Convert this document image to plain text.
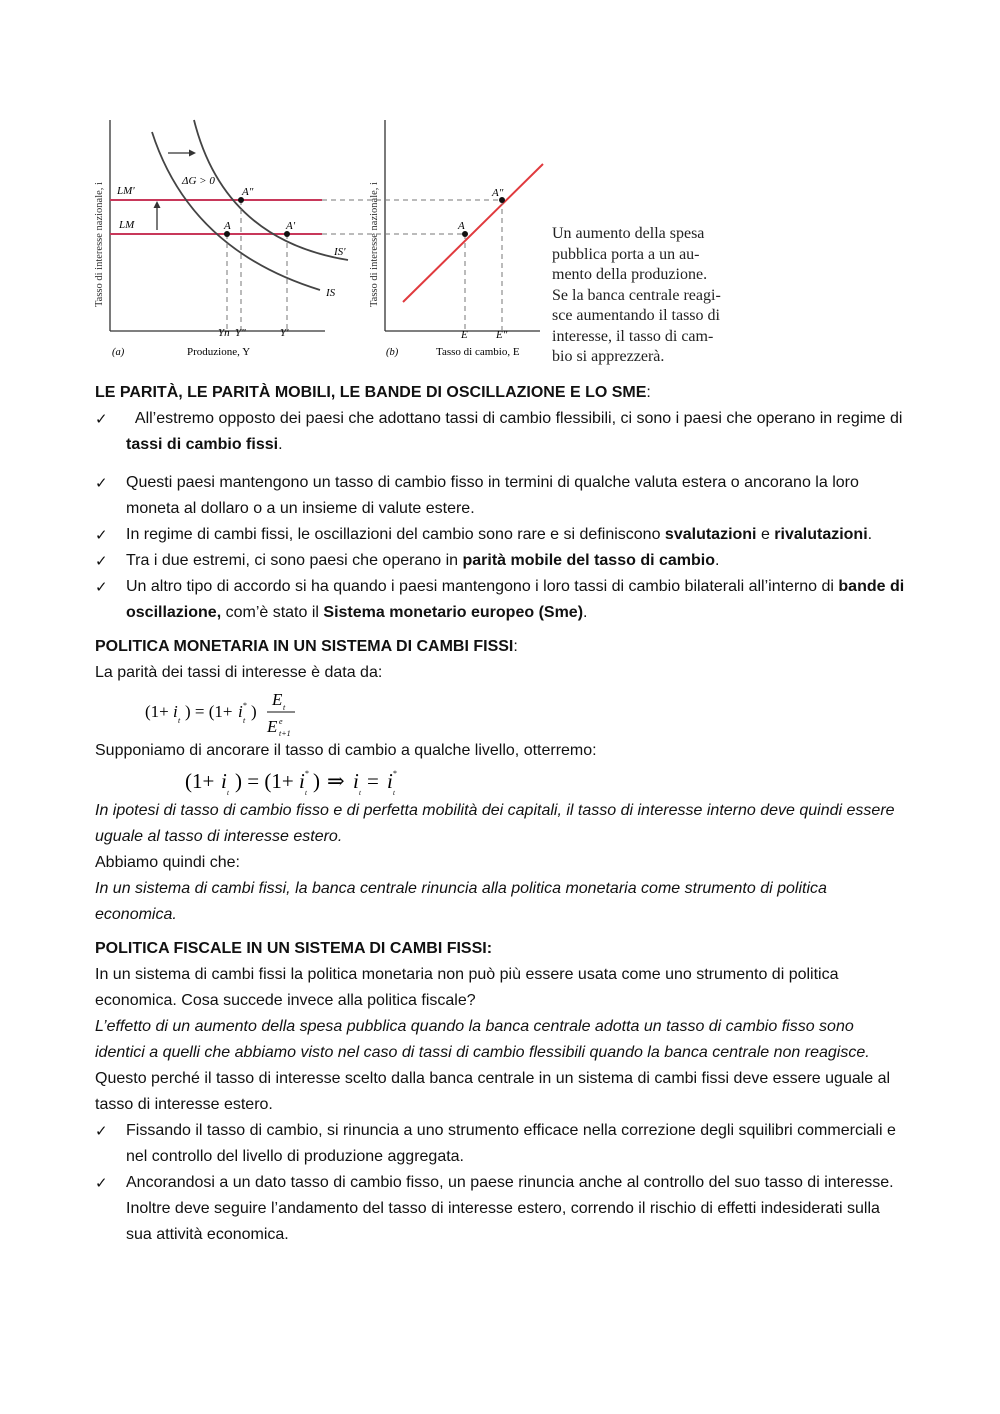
Tasso di interesse nazionale, i LM'
LM
ΔG > 0
IS
IS'
A
A"
A'
Yn Y"	Y'
(a)	Produzione, Y
Tasso di interesse nazionale, i	A
A"
E	E"
(b)	Tasso di cambio, E
Un aumento della spesa
pubblica porta a un au-
mento della produzione.
Se la banca centrale reagi-
sce aumentando il tasso di
interesse, il tasso di cam-
bio si apprezzerà.

LE PARITÀ, LE PARITÀ MOBILI, LE BANDE DI OSCILLAZIONE E LO SME:

✓ All’estremo opposto dei paesi che adottano tassi di cambio flessibili, ci sono i paesi che operano in regime di tassi di cambio fissi.
✓ Questi paesi mantengono un tasso di cambio fisso in termini di qualche valuta estera o ancorano la loro moneta al dollaro o a un insieme di valute estere.
✓ In regime di cambi fissi, le oscillazioni del cambio sono rare e si definiscono svalutazioni e rivalutazioni.
✓ Tra i due estremi, ci sono paesi che operano in parità mobile del tasso di cambio.
✓ Un altro tipo di accordo si ha quando i paesi mantengono i loro tassi di cambio bilaterali all’interno di bande di oscillazione, com’è stato il Sistema monetario europeo (Sme).

POLITICA MONETARIA IN UN SISTEMA DI CAMBI FISSI:

La parità dei tassi di interesse è data da:

(1+ i t ) = (1+ i t
* )
E t
E e
t+1

Supponiamo di ancorare il tasso di cambio a qualche livello, otterremo:

(1+ i t ) = (1+ i *
t ) ⇒ i t = i *
t

In ipotesi di tasso di cambio fisso e di perfetta mobilità dei capitali, il tasso di interesse interno deve quindi essere uguale al tasso di interesse estero.

Abbiamo quindi che:

In un sistema di cambi fissi, la banca centrale rinuncia alla politica monetaria come strumento di politica economica.

POLITICA FISCALE IN UN SISTEMA DI CAMBI FISSI:

In un sistema di cambi fissi la politica monetaria non può più essere usata come uno strumento di politica economica. Cosa succede invece alla politica fiscale?

L’effetto di un aumento della spesa pubblica quando la banca centrale adotta un tasso di cambio fisso sono identici a quelli che abbiamo visto nel caso di tassi di cambio flessibili quando la banca centrale non reagisce.

Questo perché il tasso di interesse scelto dalla banca centrale in un sistema di cambi fissi deve essere uguale al tasso di interesse estero.

✓ Fissando il tasso di cambio, si rinuncia a uno strumento efficace nella correzione degli squilibri commerciali e nel controllo del livello di produzione aggregata.
✓ Ancorandosi a un dato tasso di cambio fisso, un paese rinuncia anche al controllo del suo tasso di interesse. Inoltre deve seguire l’andamento del tasso di interesse estero, correndo il rischio di effetti indesiderati sulla sua attività economica.
